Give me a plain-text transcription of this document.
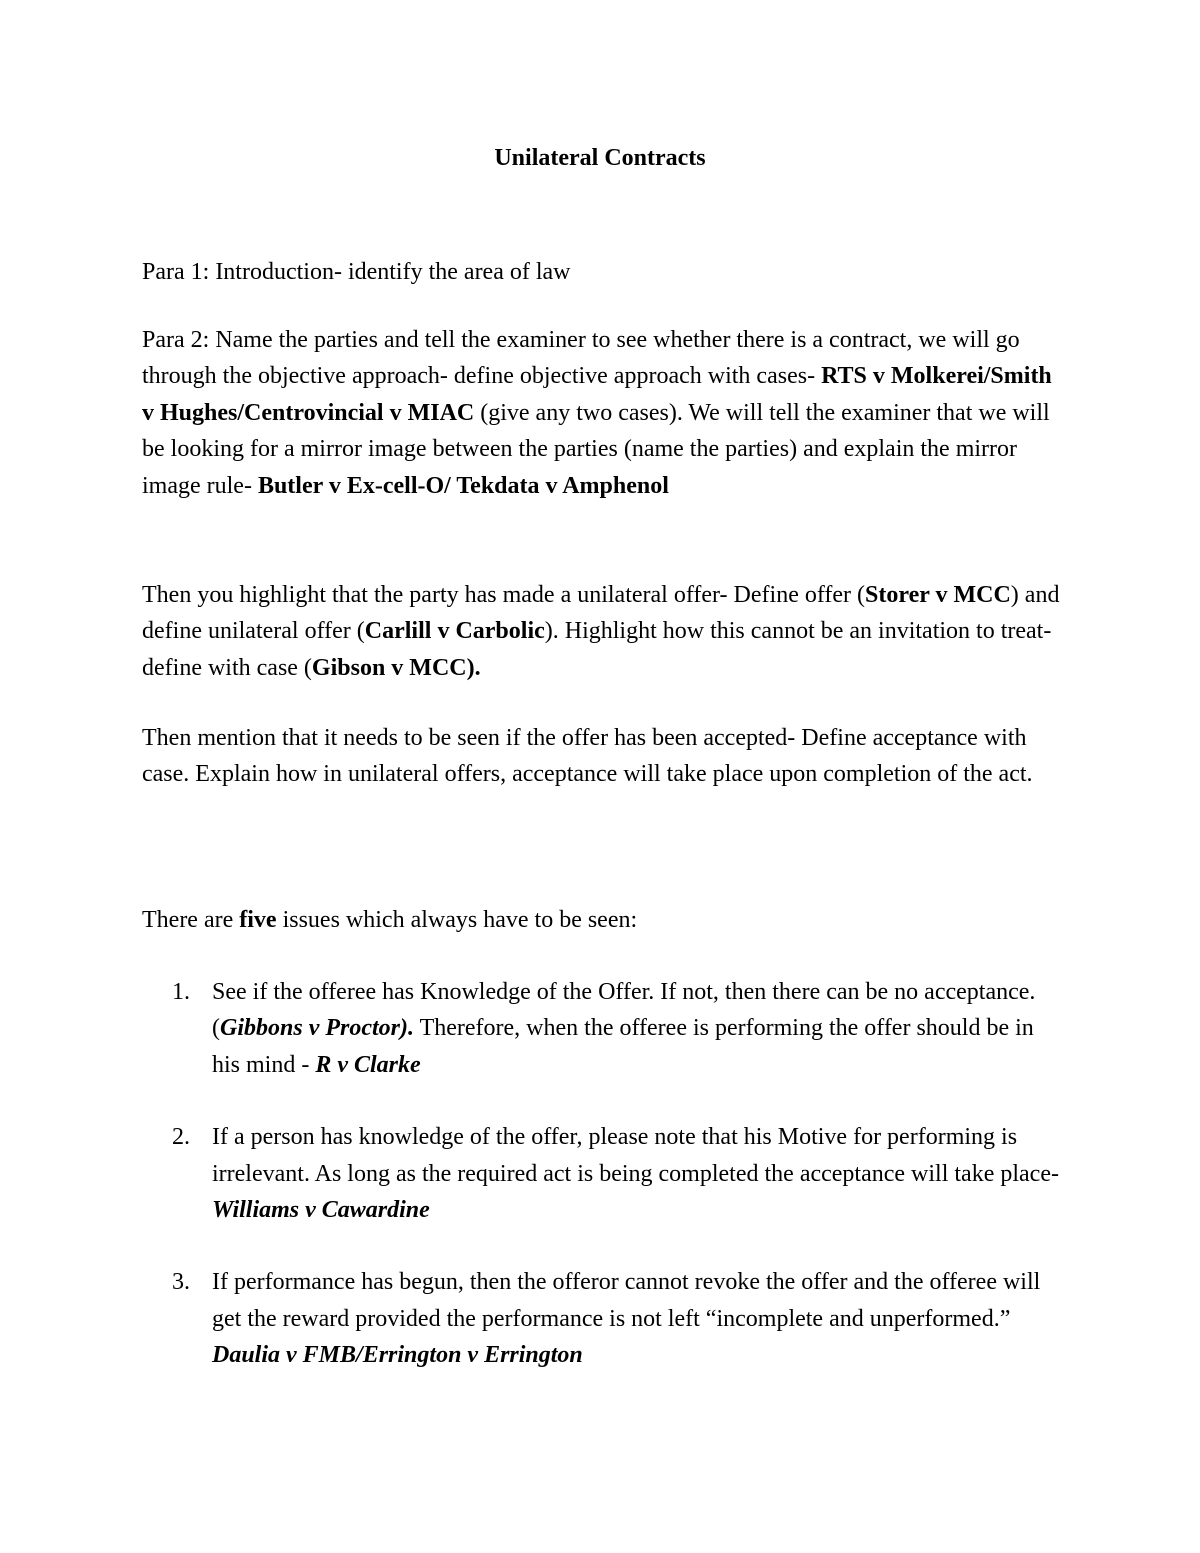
Unilateral Contracts

Para 1: Introduction- identify the area of law

Para 2: Name the parties and tell the examiner to see whether there is a contract, we will go through the objective approach- define objective approach with cases- RTS v Molkerei/Smith v Hughes/Centrovincial v MIAC (give any two cases). We will tell the examiner that we will be looking for a mirror image between the parties (name the parties) and explain the mirror image rule- Butler v Ex-cell-O/ Tekdata v Amphenol

Then you highlight that the party has made a unilateral offer- Define offer (Storer v MCC) and define unilateral offer (Carlill v Carbolic). Highlight how this cannot be an invitation to treat- define with case (Gibson v MCC).

Then mention that it needs to be seen if the offer has been accepted- Define acceptance with case. Explain how in unilateral offers, acceptance will take place upon completion of the act.

There are five issues which always have to be seen:

1. See if the offeree has Knowledge of the Offer. If not, then there can be no acceptance. (Gibbons v Proctor). Therefore, when the offeree is performing the offer should be in his mind - R v Clarke
2. If a person has knowledge of the offer, please note that his Motive for performing is irrelevant. As long as the required act is being completed the acceptance will take place- Williams v Cawardine
3. If performance has begun, then the offeror cannot revoke the offer and the offeree will get the reward provided the performance is not left “incomplete and unperformed.” Daulia v FMB/Errington v Errington
